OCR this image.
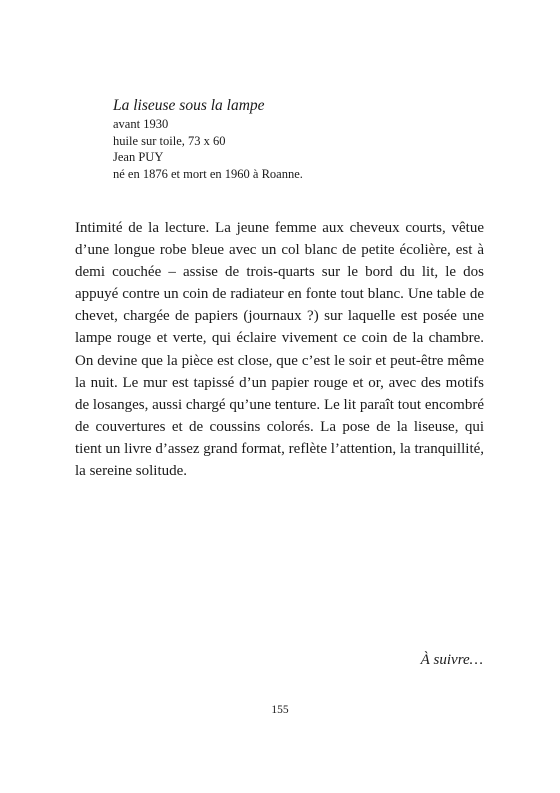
La liseuse sous la lampe

avant 1930

huile sur toile, 73 x 60

Jean PUY

né en 1876 et mort en 1960 à Roanne.

Intimité de la lecture. La jeune femme aux cheveux courts, vêtue d’une longue robe bleue avec un col blanc de petite écolière, est à demi couchée – assise de trois-quarts sur le bord du lit, le dos appuyé contre un coin de radiateur en fonte tout blanc. Une table de chevet, chargée de papiers (journaux ?) sur laquelle est posée une lampe rouge et verte, qui éclaire vivement ce coin de la chambre. On devine que la pièce est close, que c’est le soir et peut-être même la nuit. Le mur est tapissé d’un papier rouge et or, avec des motifs de losanges, aussi chargé qu’une tenture. Le lit paraît tout encombré de couvertures et de coussins colorés. La pose de la liseuse, qui tient un livre d’assez grand format, reflète l’attention, la tranquillité, la sereine solitude.

À suivre…
155
